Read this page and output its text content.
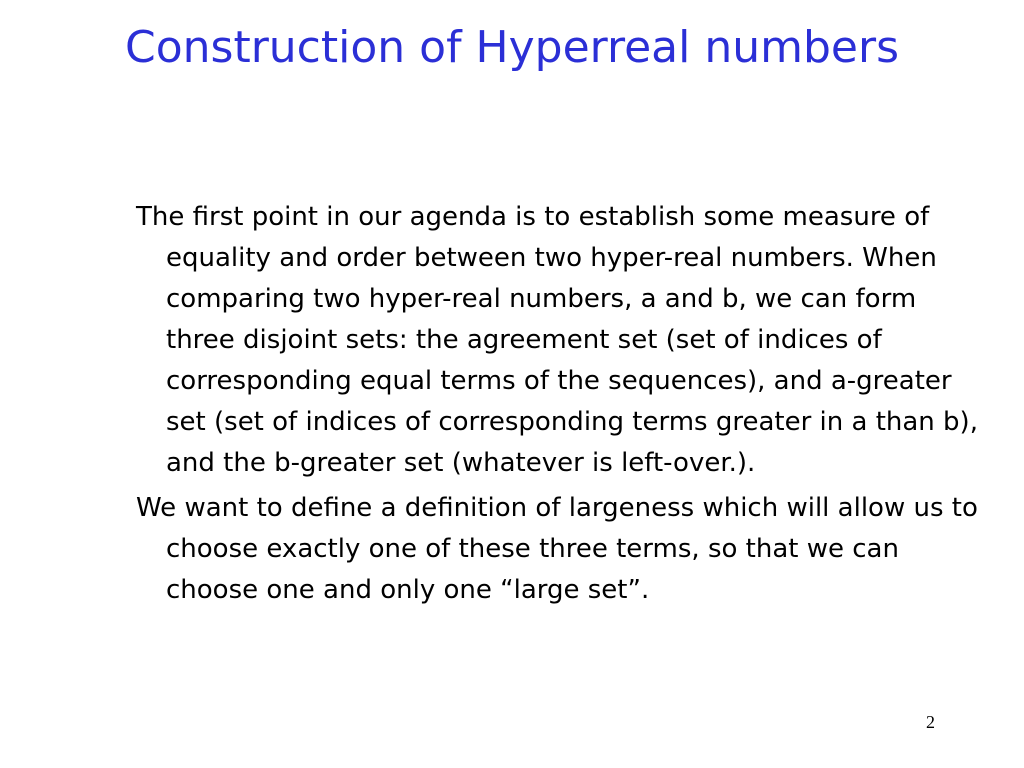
Construction of Hyperreal numbers

The first point in our agenda is to establish some measure of equality and order between two hyper-real numbers. When comparing two hyper-real numbers, a and b, we can form three disjoint sets: the agreement set (set of indices of corresponding equal terms of the sequences), and a-greater set (set of indices of corresponding terms greater in a than b), and the b-greater set (whatever is left-over.).

We want to define a definition of largeness which will allow us to choose exactly one of these three terms, so that we can choose one and only one “large set”.

2
